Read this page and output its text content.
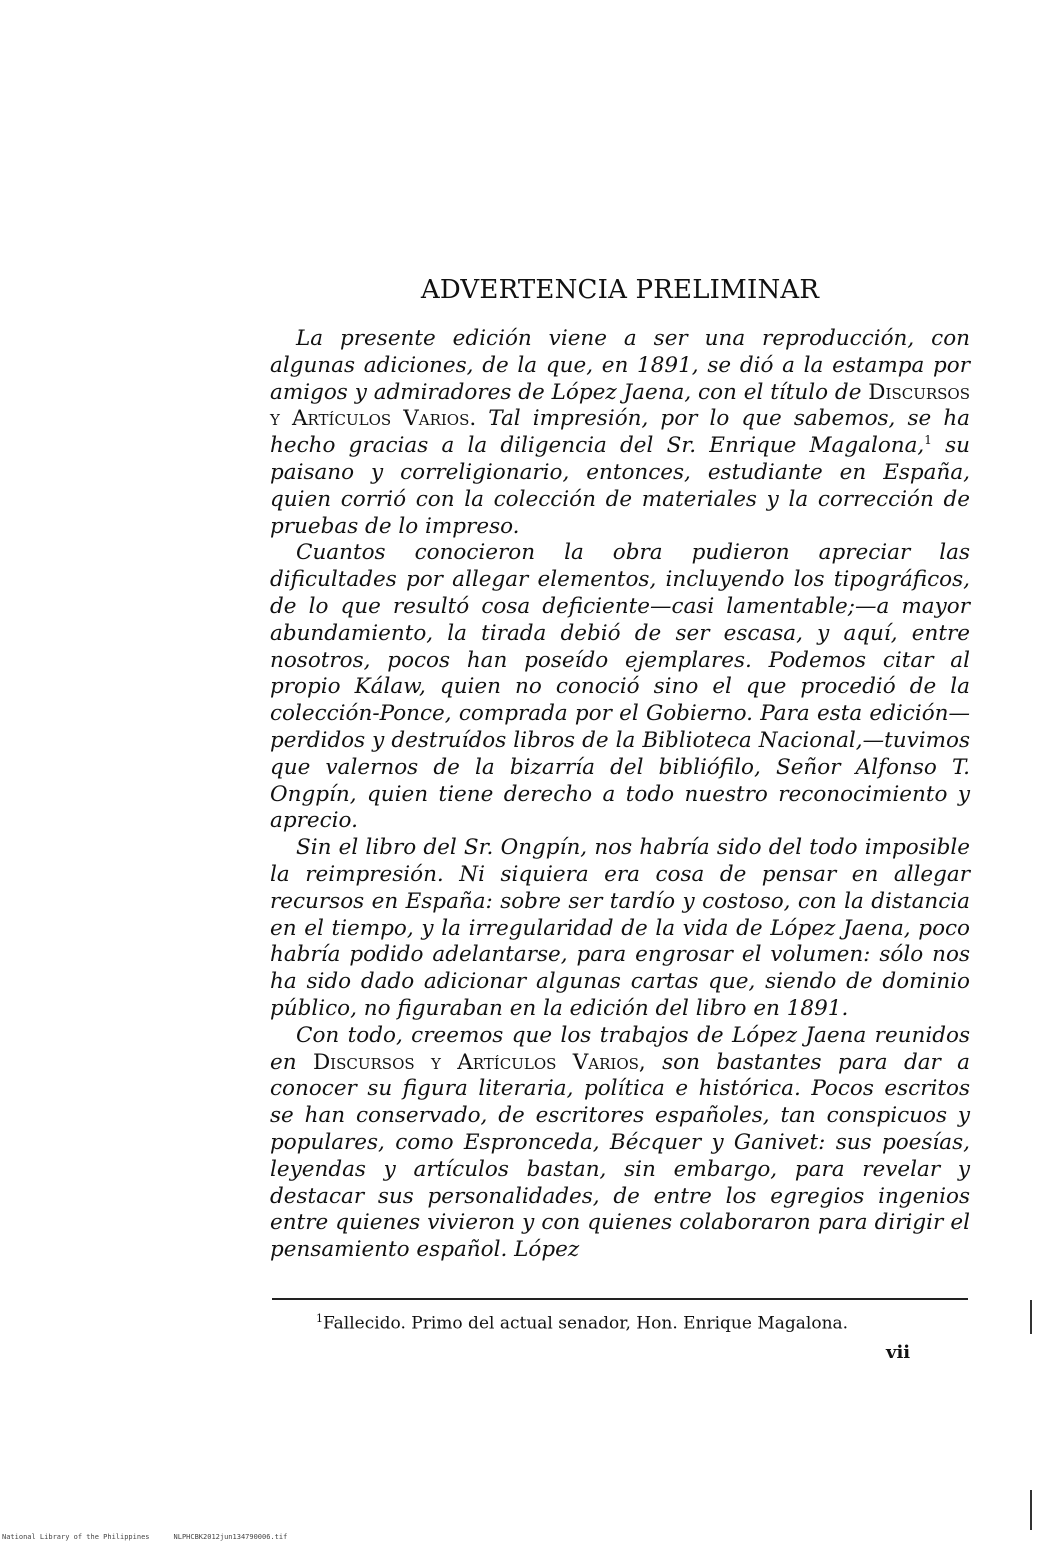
ADVERTENCIA PRELIMINAR

La presente edición viene a ser una reproducción, con algunas adiciones, de la que, en 1891, se dió a la estampa por amigos y admiradores de López Jaena, con el título de Discursos y Artículos Varios. Tal impresión, por lo que sabemos, se ha hecho gracias a la diligencia del Sr. Enrique Magalona,$^1$ su paisano y correligionario, entonces, estudiante en España, quien corrió con la colección de materiales y la corrección de pruebas de lo impreso.

Cuantos conocieron la obra pudieron apreciar las dificultades por allegar elementos, incluyendo los tipográficos, de lo que resultó cosa deficiente—casi lamentable;—a mayor abundamiento, la tirada debió de ser escasa, y aquí, entre nosotros, pocos han poseído ejemplares. Podemos citar al propio Kálaw, quien no conoció sino el que procedió de la colección-Ponce, comprada por el Gobierno. Para esta edición—perdidos y destruídos libros de la Biblioteca Nacional,—tuvimos que valernos de la bizarría del bibliófilo, Señor Alfonso T. Ongpín, quien tiene derecho a todo nuestro reconocimiento y aprecio.

Sin el libro del Sr. Ongpín, nos habría sido del todo imposible la reimpresión. Ni siquiera era cosa de pensar en allegar recursos en España: sobre ser tardío y costoso, con la distancia en el tiempo, y la irregularidad de la vida de López Jaena, poco habría podido adelantarse, para engrosar el volumen: sólo nos ha sido dado adicionar algunas cartas que, siendo de dominio público, no figuraban en la edición del libro en 1891.

Con todo, creemos que los trabajos de López Jaena reunidos en Discursos y Artículos Varios, son bastantes para dar a conocer su figura literaria, política e histórica. Pocos escritos se han conservado, de escritores españoles, tan conspicuos y populares, como Espronceda, Bécquer y Ganivet: sus poesías, leyendas y artículos bastan, sin embargo, para revelar y destacar sus personalidades, de entre los egregios ingenios entre quienes vivieron y con quienes colaboraron para dirigir el pensamiento español. López

$^1$Fallecido. Primo del actual senador, Hon. Enrique Magalona.
vii
National Library of the Philippines	NLPHCBK2012jun134790006.tif
